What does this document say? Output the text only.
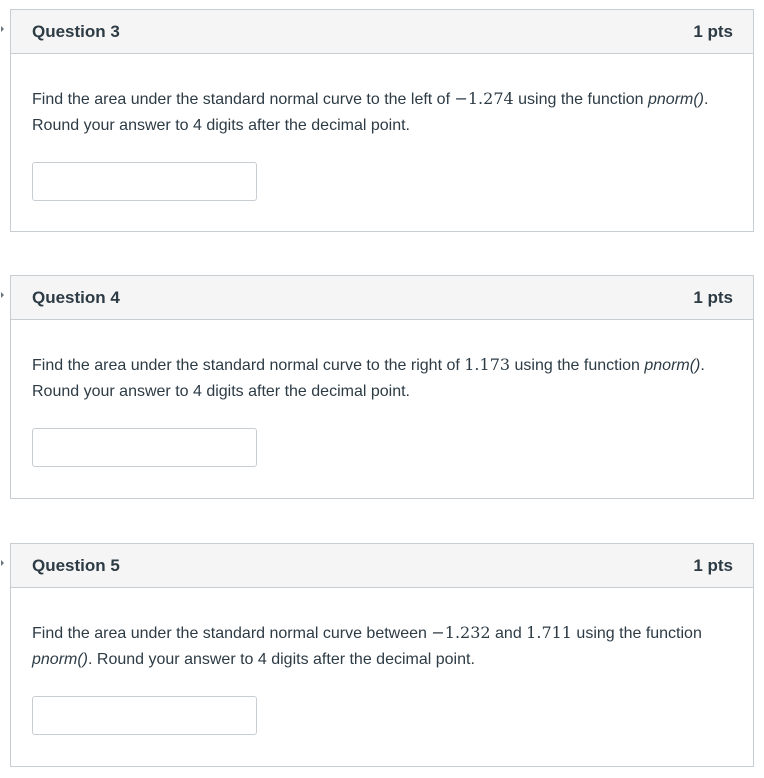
Question 3	1 pts

Find the area under the standard normal curve to the left of −1.274 using the function pnorm(). Round your answer to 4 digits after the decimal point.

Question 4	1 pts

Find the area under the standard normal curve to the right of 1.173 using the function pnorm(). Round your answer to 4 digits after the decimal point.

Question 5	1 pts

Find the area under the standard normal curve between −1.232 and 1.711 using the function pnorm(). Round your answer to 4 digits after the decimal point.
